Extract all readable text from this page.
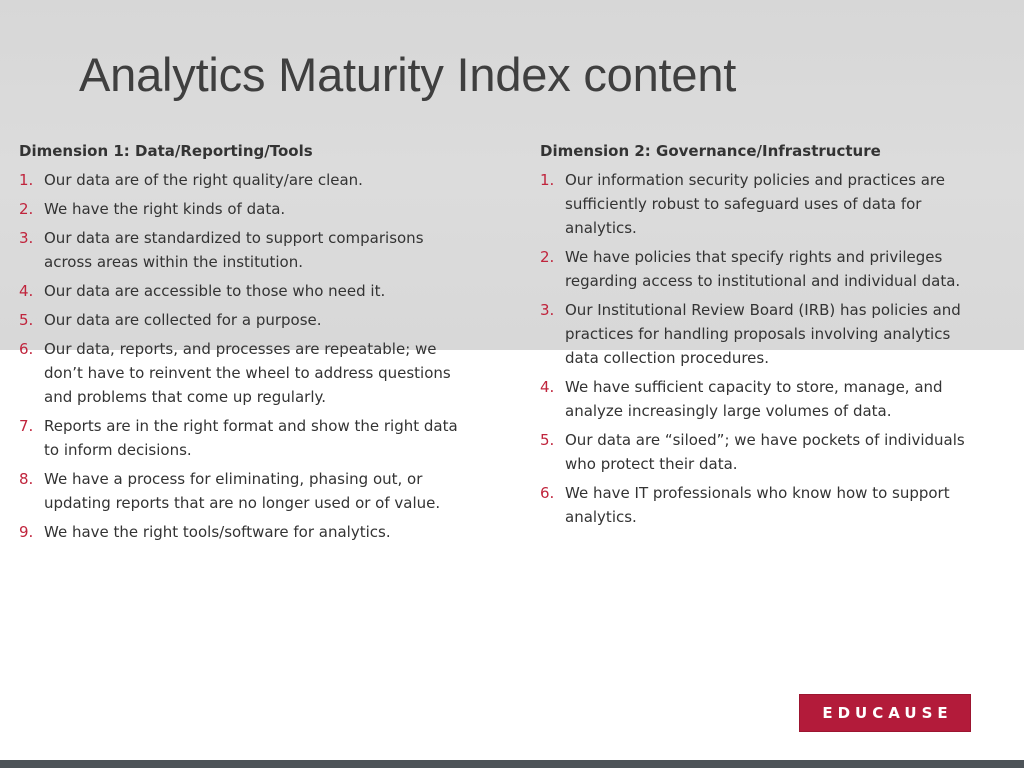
Analytics Maturity Index content
Dimension 1: Data/Reporting/Tools
1. Our data are of the right quality/are clean.
2. We have the right kinds of data.
3. Our data are standardized to support comparisons across areas within the institution.
4. Our data are accessible to those who need it.
5. Our data are collected for a purpose.
6. Our data, reports, and processes are repeatable; we don’t have to reinvent the wheel to address questions and problems that come up regularly.
7. Reports are in the right format and show the right data to inform decisions.
8. We have a process for eliminating, phasing out, or updating reports that are no longer used or of value.
9. We have the right tools/software for analytics.
Dimension 2: Governance/Infrastructure
1. Our information security policies and practices are sufficiently robust to safeguard uses of data for analytics.
2. We have policies that specify rights and privileges regarding access to institutional and individual data.
3. Our Institutional Review Board (IRB) has policies and practices for handling proposals involving analytics data collection procedures.
4. We have sufficient capacity to store, manage, and analyze increasingly large volumes of data.
5. Our data are “siloed”; we have pockets of individuals who protect their data.
6. We have IT professionals who know how to support analytics.
EDUCAUSE
